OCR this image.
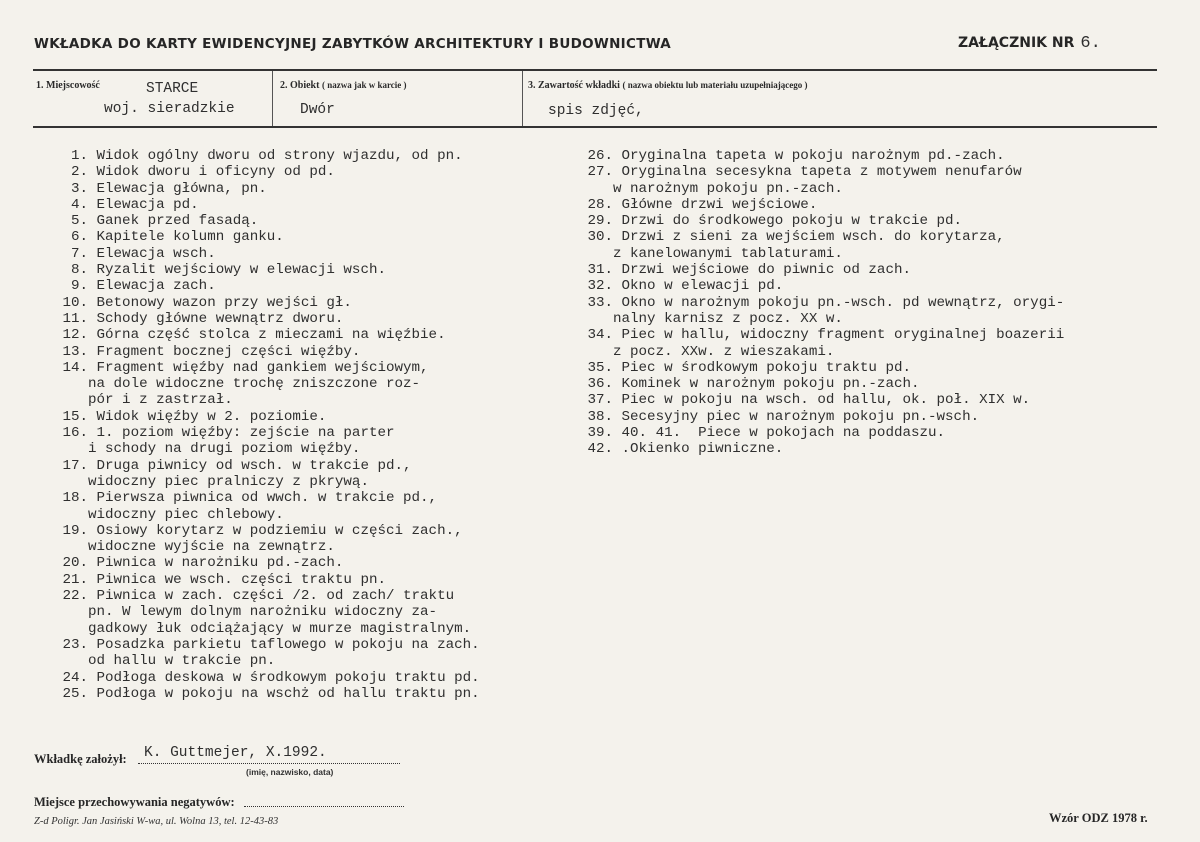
WKŁADKA DO KARTY EWIDENCYJNEJ ZABYTKÓW ARCHITEKTURY I BUDOWNICTWA	ZAŁĄCZNIK NR 6.
1. Miejscowość	STARCE
woj. sieradzkie
2. Obiekt ( nazwa jak w karcie )
Dwór
3. Zawartość wkładki ( nazwa obiektu lub materiału uzupełniającego )
spis zdjęć,
1. Widok ogólny dworu od strony wjazdu, od pn.
2. Widok dworu i oficyny od pd.
3. Elewacja główna, pn.
4. Elewacja pd.
5. Ganek przed fasadą.
6. Kapitele kolumn ganku.
7. Elewacja wsch.
8. Ryzalit wejściowy w elewacji wsch.
9. Elewacja zach.
10. Betonowy wazon przy wejści gł.
11. Schody główne wewnątrz dworu.
12. Górna część stolca z mieczami na więźbie.
13. Fragment bocznej części więźby.
14. Fragment więźby nad gankiem wejściowym,
na dole widoczne trochę zniszczone roz-
pór i z zastrzał.
15. Widok więźby w 2. poziomie.
16. 1. poziom więźby: zejście na parter
i schody na drugi poziom więźby.
17. Druga piwnicy od wsch. w trakcie pd.,
widoczny piec pralniczy z pkrywą.
18. Pierwsza piwnica od wwch. w trakcie pd.,
widoczny piec chlebowy.
19. Osiowy korytarz w podziemiu w części zach.,
widoczne wyjście na zewnątrz.
20. Piwnica w narożniku pd.-zach.
21. Piwnica we wsch. części traktu pn.
22. Piwnica w zach. części /2. od zach/ traktu
pn. W lewym dolnym narożniku widoczny za-
gadkowy łuk odciążający w murze magistralnym.
23. Posadzka parkietu taflowego w pokoju na zach.
od hallu w trakcie pn.
24. Podłoga deskowa w środkowym pokoju traktu pd.
25. Podłoga w pokoju na wschż od hallu traktu pn.
26. Oryginalna tapeta w pokoju narożnym pd.-zach.
27. Oryginalna secesykna tapeta z motywem nenufarów
w narożnym pokoju pn.-zach.
28. Główne drzwi wejściowe.
29. Drzwi do środkowego pokoju w trakcie pd.
30. Drzwi z sieni za wejściem wsch. do korytarza,
z kanelowanymi tablaturami.
31. Drzwi wejściowe do piwnic od zach.
32. Okno w elewacji pd.
33. Okno w narożnym pokoju pn.-wsch. pd wewnątrz, orygi-
nalny karnisz z pocz. XX w.
34. Piec w hallu, widoczny fragment oryginalnej boazerii
z pocz. XXw. z wieszakami.
35. Piec w środkowym pokoju traktu pd.
36. Kominek w narożnym pokoju pn.-zach.
37. Piec w pokoju na wsch. od hallu, ok. poł. XIX w.
38. Secesyjny piec w narożnym pokoju pn.-wsch.
39. 40. 41.  Piece w pokojach na poddaszu.
42. .Okienko piwniczne.
Wkładkę założył: K. Guttmejer, X.1992.
(imię, nazwisko, data)
Miejsce przechowywania negatywów:
Z-d Poligr. Jan Jasiński W-wa, ul. Wolna 13, tel. 12-43-83	Wzór ODZ 1978 r.
